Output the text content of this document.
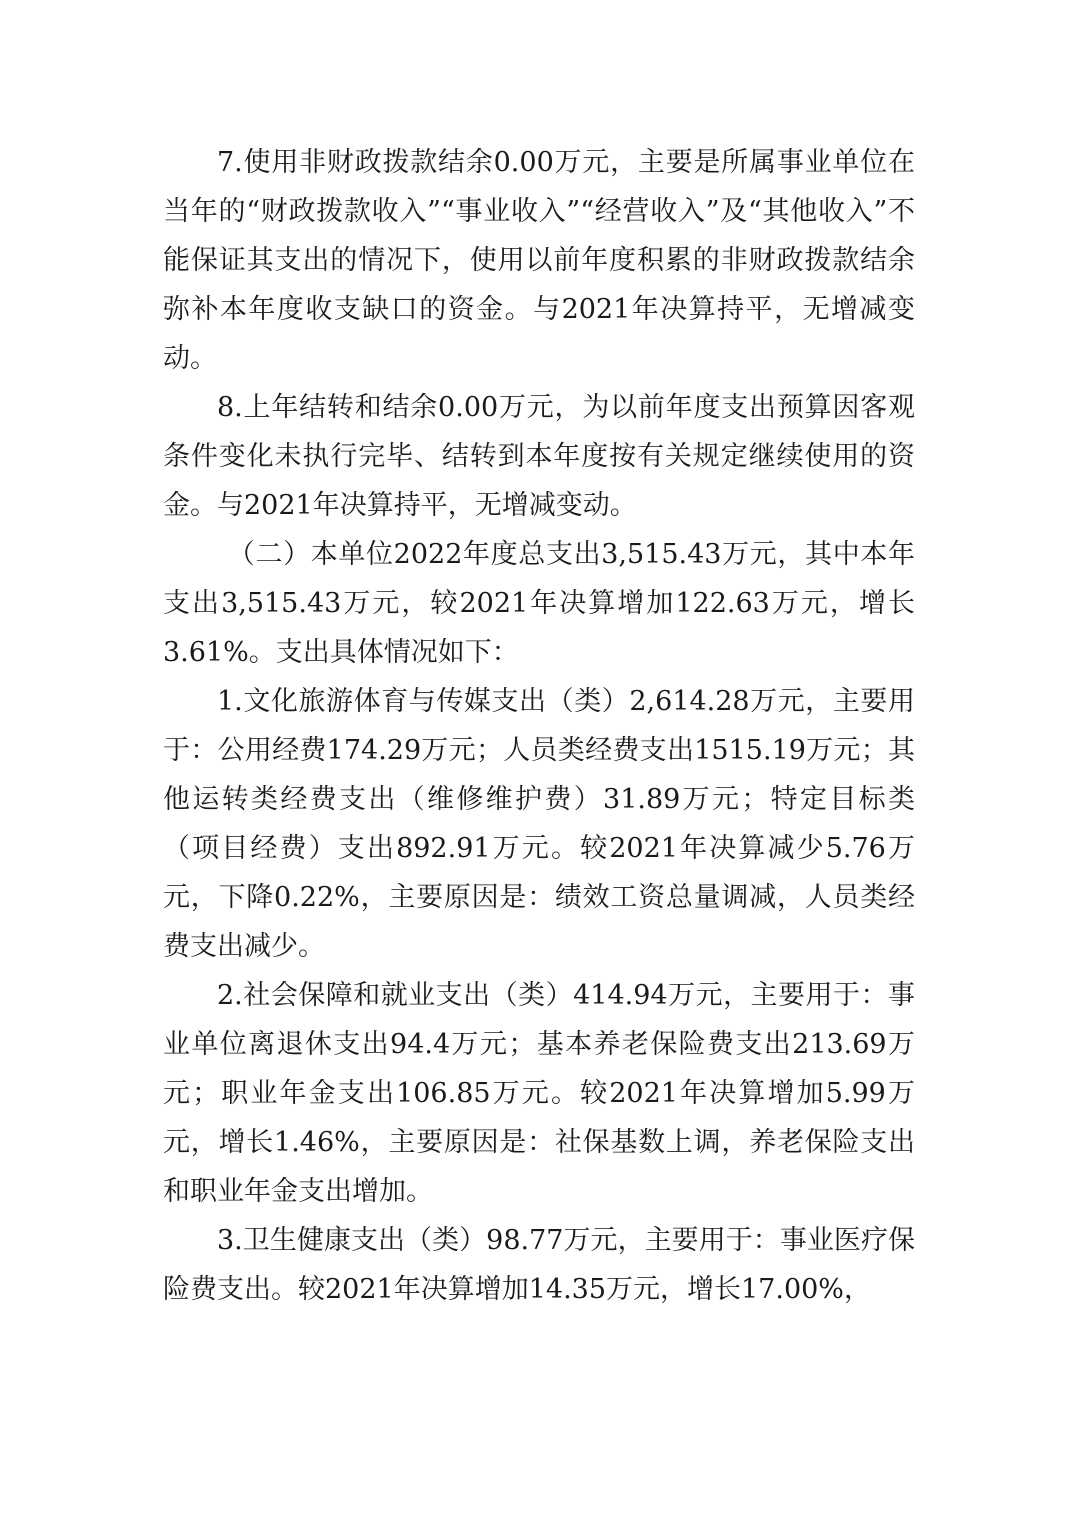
7.使用非财政拨款结余0.00万元，主要是所属事业单位在当年的“财政拨款收入”“事业收入”“经营收入”及“其他收入”不能保证其支出的情况下，使用以前年度积累的非财政拨款结余弥补本年度收支缺口的资金。与2021年决算持平，无增减变动。

8.上年结转和结余0.00万元，为以前年度支出预算因客观条件变化未执行完毕、结转到本年度按有关规定继续使用的资金。与2021年决算持平，无增减变动。

（二）本单位2022年度总支出3,515.43万元，其中本年支出3,515.43万元，较2021年决算增加122.63万元，增长3.61%。支出具体情况如下：

1.文化旅游体育与传媒支出（类）2,614.28万元，主要用于：公用经费174.29万元；人员类经费支出1515.19万元；其他运转类经费支出（维修维护费）31.89万元；特定目标类（项目经费）支出892.91万元。较2021年决算减少5.76万元，下降0.22%，主要原因是：绩效工资总量调减，人员类经费支出减少。

2.社会保障和就业支出（类）414.94万元，主要用于：事业单位离退休支出94.4万元；基本养老保险费支出213.69万元；职业年金支出106.85万元。较2021年决算增加5.99万元，增长1.46%，主要原因是：社保基数上调，养老保险支出和职业年金支出增加。

3.卫生健康支出（类）98.77万元，主要用于：事业医疗保险费支出。较2021年决算增加14.35万元，增长17.00%，
